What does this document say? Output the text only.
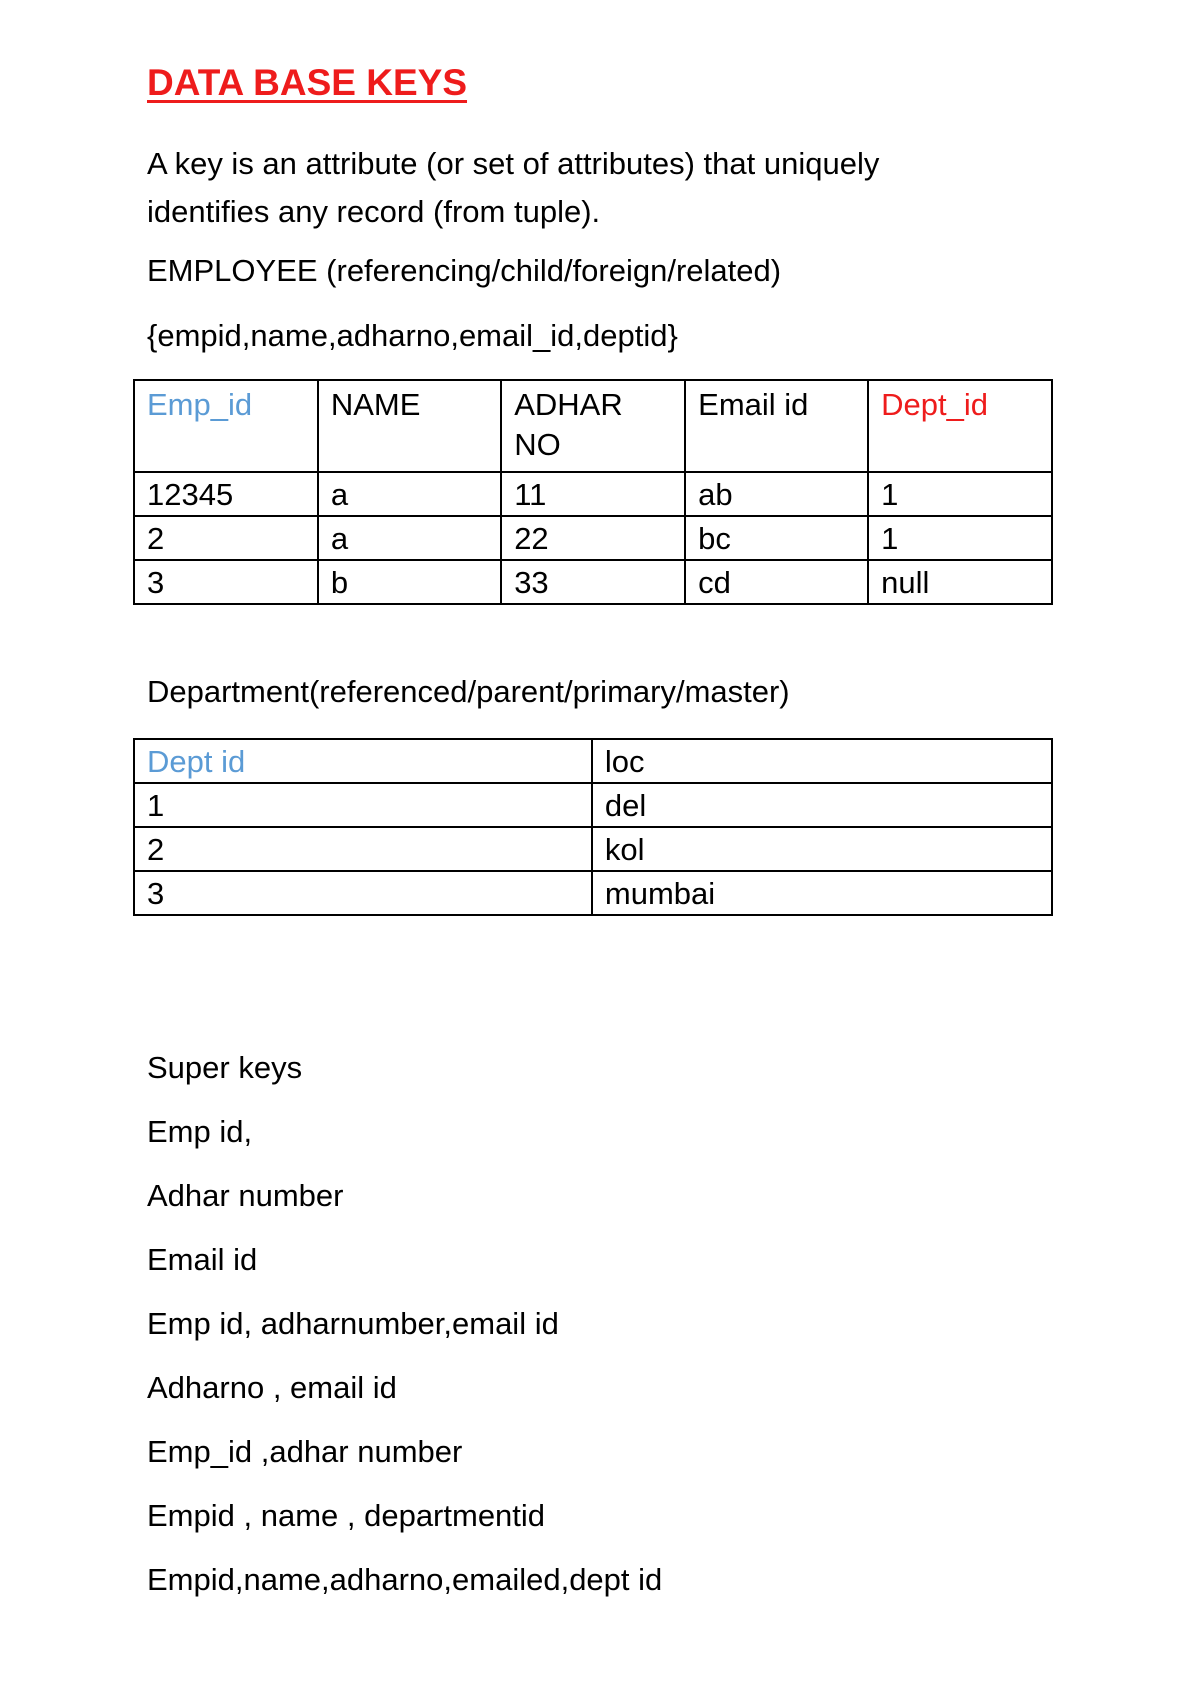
DATA BASE KEYS

A key is an attribute (or set of attributes) that uniquely identifies any record (from tuple).

EMPLOYEE (referencing/child/foreign/related)

{empid,name,adharno,email_id,deptid}

Emp_id	NAME	ADHAR NO	Email id	Dept_id
12345	a	11	ab	1
2	a	22	bc	1
3	b	33	cd	null

Department(referenced/parent/primary/master)

Dept id	loc
1	del
2	kol
3	mumbai

Super keys

Emp id,

Adhar number

Email id

Emp id, adharnumber,email id

Adharno , email id

Emp_id ,adhar number

Empid , name , departmentid

Empid,name,adharno,emailed,dept id
